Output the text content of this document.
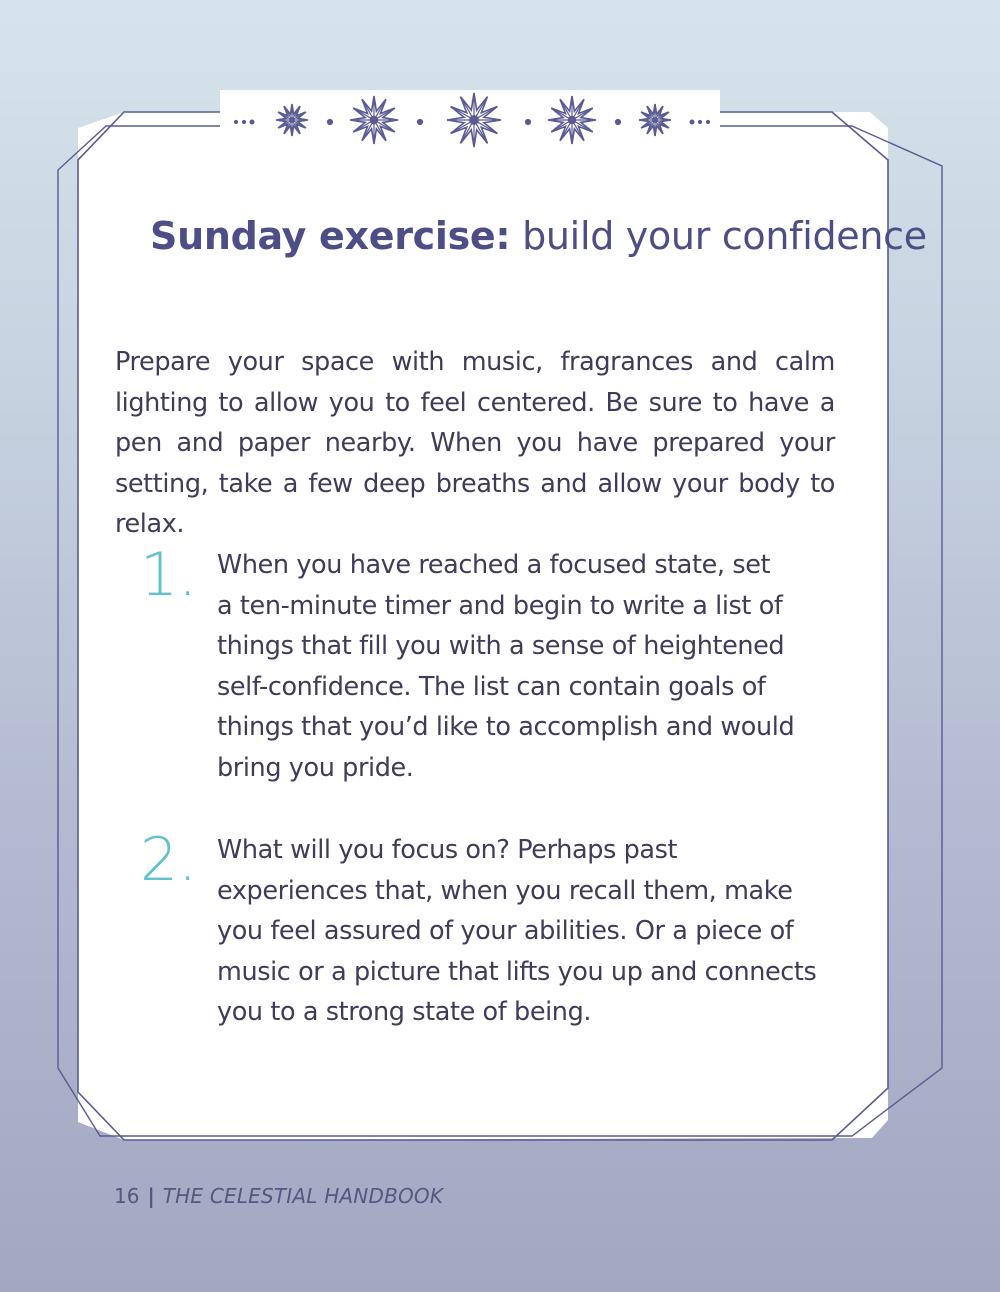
Sunday exercise: build your confidence
Prepare your space with music, fragrances and calm lighting to allow you to feel centered. Be sure to have a pen and paper nearby. When you have prepared your setting, take a few deep breaths and allow your body to relax.
1. When you have reached a focused state, set
a ten-minute timer and begin to write a list of
things that fill you with a sense of heightened
self-confidence. The list can contain goals of
things that you’d like to accomplish and would
bring you pride.
2. What will you focus on? Perhaps past
experiences that, when you recall them, make
you feel assured of your abilities. Or a piece of
music or a picture that lifts you up and connects
you to a strong state of being.
16 | THE CELESTIAL HANDBOOK
